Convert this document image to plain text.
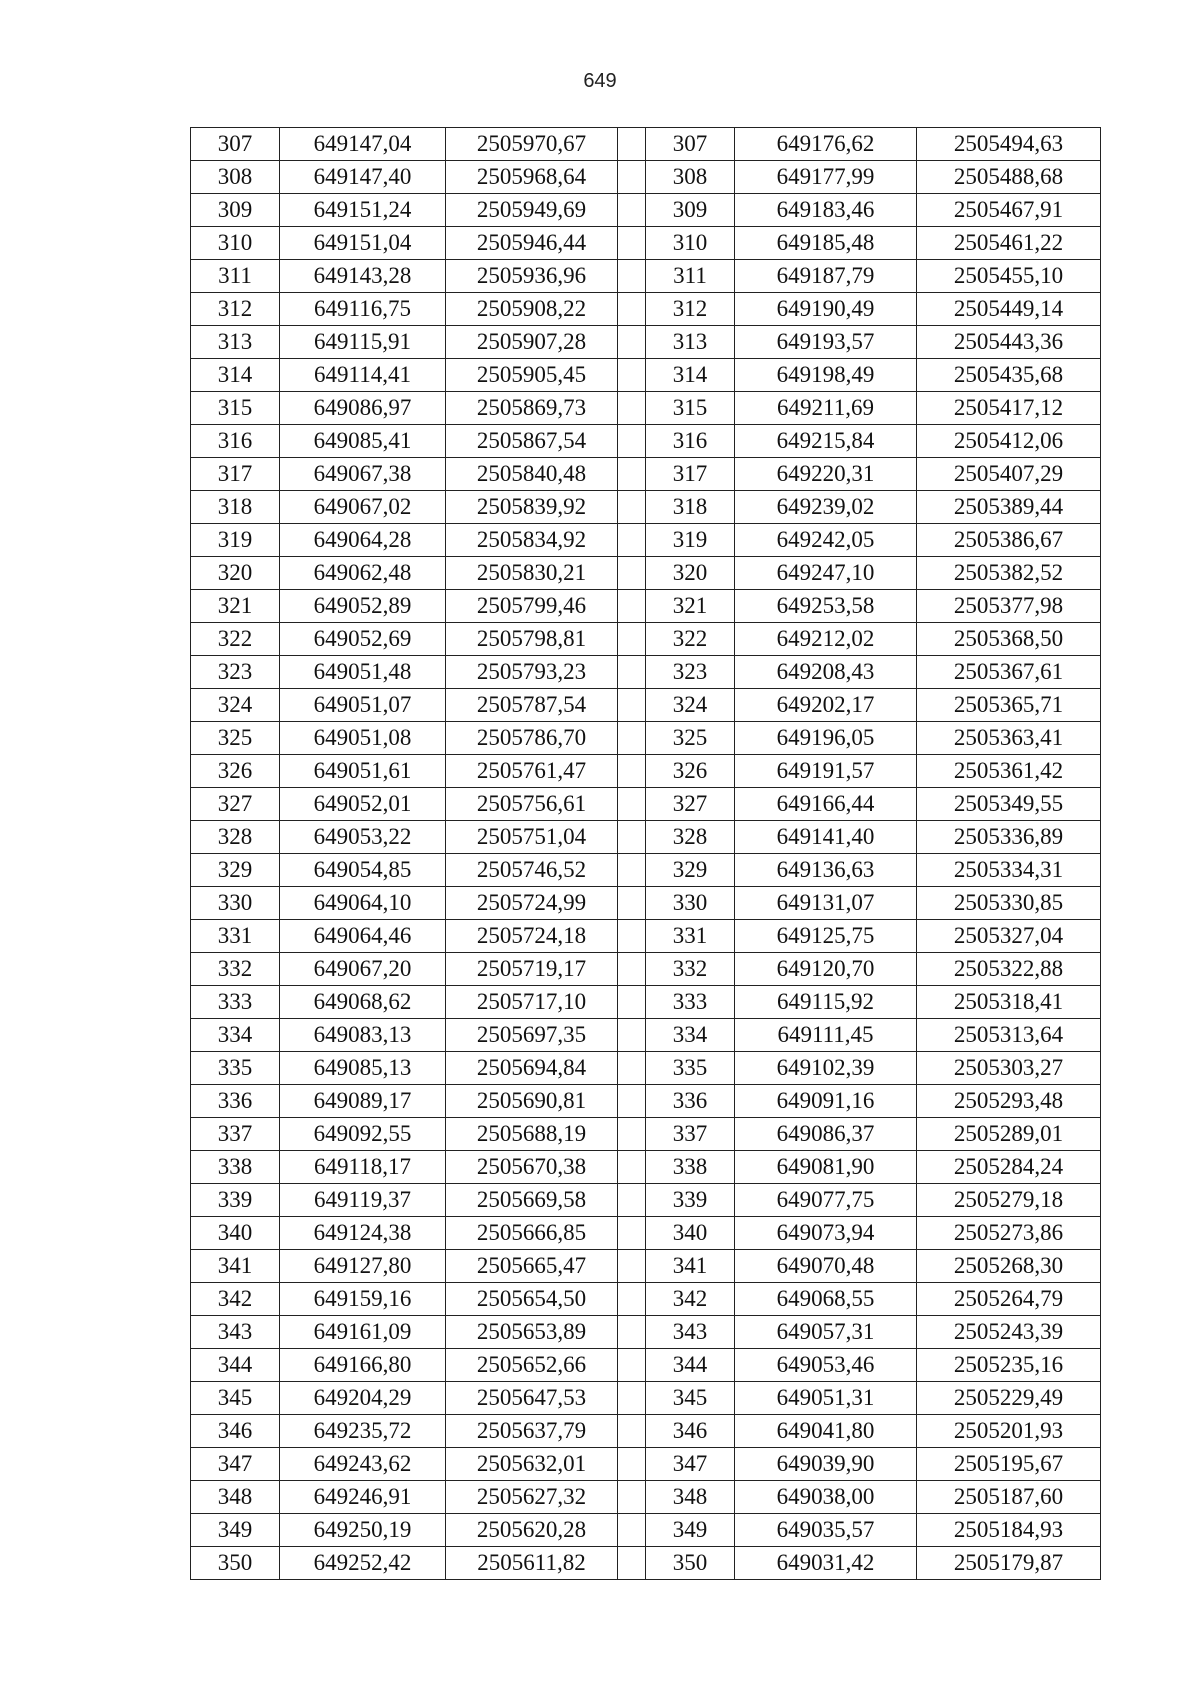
649
307	649147,04	2505970,67		307	649176,62	2505494,63
308	649147,40	2505968,64		308	649177,99	2505488,68
309	649151,24	2505949,69		309	649183,46	2505467,91
310	649151,04	2505946,44		310	649185,48	2505461,22
311	649143,28	2505936,96		311	649187,79	2505455,10
312	649116,75	2505908,22		312	649190,49	2505449,14
313	649115,91	2505907,28		313	649193,57	2505443,36
314	649114,41	2505905,45		314	649198,49	2505435,68
315	649086,97	2505869,73		315	649211,69	2505417,12
316	649085,41	2505867,54		316	649215,84	2505412,06
317	649067,38	2505840,48		317	649220,31	2505407,29
318	649067,02	2505839,92		318	649239,02	2505389,44
319	649064,28	2505834,92		319	649242,05	2505386,67
320	649062,48	2505830,21		320	649247,10	2505382,52
321	649052,89	2505799,46		321	649253,58	2505377,98
322	649052,69	2505798,81		322	649212,02	2505368,50
323	649051,48	2505793,23		323	649208,43	2505367,61
324	649051,07	2505787,54		324	649202,17	2505365,71
325	649051,08	2505786,70		325	649196,05	2505363,41
326	649051,61	2505761,47		326	649191,57	2505361,42
327	649052,01	2505756,61		327	649166,44	2505349,55
328	649053,22	2505751,04		328	649141,40	2505336,89
329	649054,85	2505746,52		329	649136,63	2505334,31
330	649064,10	2505724,99		330	649131,07	2505330,85
331	649064,46	2505724,18		331	649125,75	2505327,04
332	649067,20	2505719,17		332	649120,70	2505322,88
333	649068,62	2505717,10		333	649115,92	2505318,41
334	649083,13	2505697,35		334	649111,45	2505313,64
335	649085,13	2505694,84		335	649102,39	2505303,27
336	649089,17	2505690,81		336	649091,16	2505293,48
337	649092,55	2505688,19		337	649086,37	2505289,01
338	649118,17	2505670,38		338	649081,90	2505284,24
339	649119,37	2505669,58		339	649077,75	2505279,18
340	649124,38	2505666,85		340	649073,94	2505273,86
341	649127,80	2505665,47		341	649070,48	2505268,30
342	649159,16	2505654,50		342	649068,55	2505264,79
343	649161,09	2505653,89		343	649057,31	2505243,39
344	649166,80	2505652,66		344	649053,46	2505235,16
345	649204,29	2505647,53		345	649051,31	2505229,49
346	649235,72	2505637,79		346	649041,80	2505201,93
347	649243,62	2505632,01		347	649039,90	2505195,67
348	649246,91	2505627,32		348	649038,00	2505187,60
349	649250,19	2505620,28		349	649035,57	2505184,93
350	649252,42	2505611,82		350	649031,42	2505179,87
